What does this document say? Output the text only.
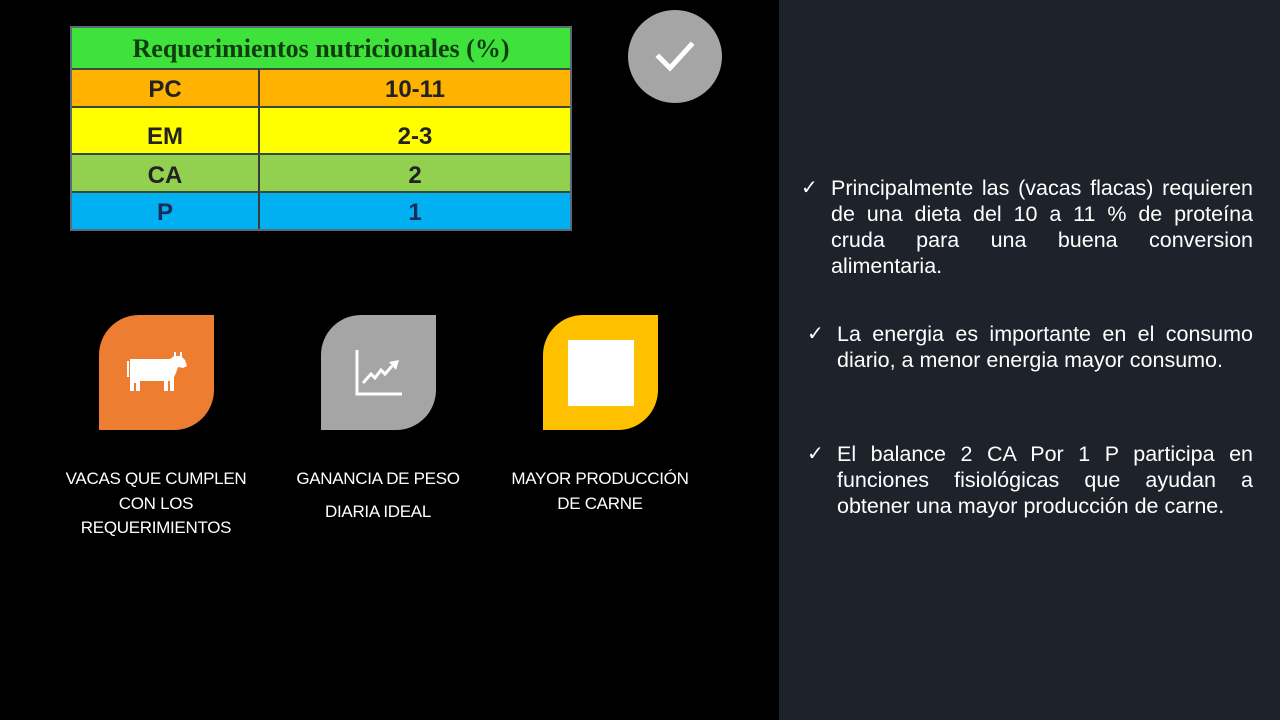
Requerimientos nutricionales (%)
PC	10-11
EM	2-3
CA	2
P	1
VACAS QUE CUMPLEN
CON LOS
REQUERIMIENTOS
GANANCIA DE PESO
DIARIA IDEAL
MAYOR PRODUCCIÓN
DE CARNE
✓ Principalmente las (vacas flacas) requieren de una dieta del 10 a 11 % de proteína cruda para una buena conversion alimentaria.
✓ La energia es importante en el consumo diario, a menor energia mayor consumo.
✓ El balance 2 CA Por 1 P participa en funciones fisiológicas que ayudan a obtener una mayor producción de carne.
